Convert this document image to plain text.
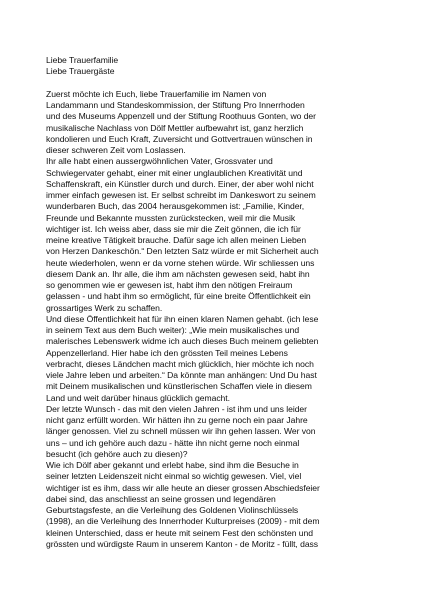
Liebe Trauerfamilie
Liebe Trauergäste
Zuerst möchte ich Euch, liebe Trauerfamilie im Namen von
Landammann und Standeskommission, der Stiftung Pro Innerrhoden
und des Museums Appenzell und der Stiftung Roothuus Gonten, wo der
musikalische Nachlass von Dölf Mettler aufbewahrt ist, ganz herzlich
kondolieren und Euch Kraft, Zuversicht und Gottvertrauen wünschen in
dieser schweren Zeit vom Loslassen.
Ihr alle habt einen aussergwöhnlichen Vater, Grossvater und
Schwiegervater gehabt, einer mit einer unglaublichen Kreativität und
Schaffenskraft, ein Künstler durch und durch. Einer, der aber wohl nicht
immer einfach gewesen ist. Er selbst schreibt im Dankeswort zu seinem
wunderbaren Buch, das 2004 herausgekommen ist: „Familie, Kinder,
Freunde und Bekannte mussten zurückstecken, weil mir die Musik
wichtiger ist. Ich weiss aber, dass sie mir die Zeit gönnen, die ich für
meine kreative Tätigkeit brauche. Dafür sage ich allen meinen Lieben
von Herzen Dankeschön.“ Den letzten Satz würde er mit Sicherheit auch
heute wiederholen, wenn er da vorne stehen würde. Wir schliessen uns
diesem Dank an. Ihr alle, die ihm am nächsten gewesen seid, habt ihn
so genommen wie er gewesen ist, habt ihm den nötigen Freiraum
gelassen - und habt ihm so ermöglicht, für eine breite Öffentlichkeit ein
grossartiges Werk zu schaffen.
Und diese Öffentlichkeit hat für ihn einen klaren Namen gehabt. (ich lese
in seinem Text aus dem Buch weiter): „Wie mein musikalisches und
malerisches Lebenswerk widme ich auch dieses Buch meinem geliebten
Appenzellerland. Hier habe ich den grössten Teil meines Lebens
verbracht, dieses Ländchen macht mich glücklich, hier möchte ich noch
viele Jahre leben und arbeiten.“ Da könnte man anhängen: Und Du hast
mit Deinem musikalischen und künstlerischen Schaffen viele in diesem
Land und weit darüber hinaus glücklich gemacht.
Der letzte Wunsch - das mit den vielen Jahren - ist ihm und uns leider
nicht ganz erfüllt worden. Wir hätten ihn zu gerne noch ein paar Jahre
länger genossen. Viel zu schnell müssen wir ihn gehen lassen. Wer von
uns – und ich gehöre auch dazu - hätte ihn nicht gerne noch einmal
besucht (ich gehöre auch zu diesen)?
Wie ich Dölf aber gekannt und erlebt habe, sind ihm die Besuche in
seiner letzten Leidenszeit nicht einmal so wichtig gewesen. Viel, viel
wichtiger ist es ihm, dass wir alle heute an dieser grossen Abschiedsfeier
dabei sind, das anschliesst an seine grossen und legendären
Geburtstagsfeste, an die Verleihung des Goldenen Violinschlüssels
(1998), an die Verleihung des Innerrhoder Kulturpreises (2009) - mit dem
kleinen Unterschied, dass er heute mit seinem Fest den schönsten und
grössten und würdigste Raum in unserem Kanton - de Moritz - füllt, dass
